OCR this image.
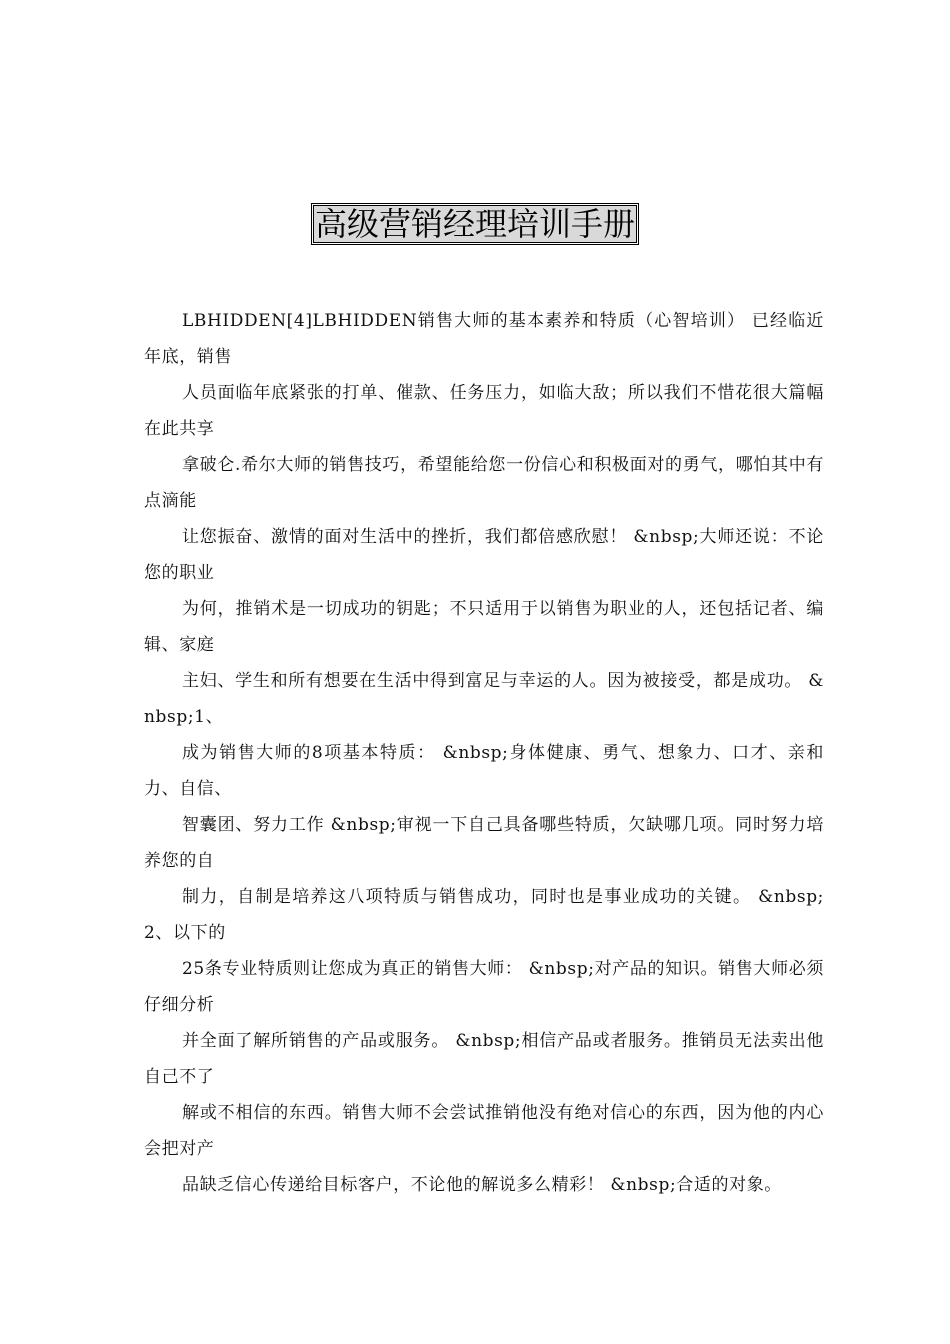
高级营销经理培训手册

LBHIDDEN[4]LBHIDDEN销售大师的基本素养和特质（心智培训） 已经临近年底，销售

人员面临年底紧张的打单、催款、任务压力，如临大敌；所以我们不惜花很大篇幅在此共享

拿破仑.希尔大师的销售技巧，希望能给您一份信心和积极面对的勇气，哪怕其中有点滴能

让您振奋、激情的面对生活中的挫折，我们都倍感欣慰！ &nbsp;大师还说：不论您的职业

为何，推销术是一切成功的钥匙；不只适用于以销售为职业的人，还包括记者、编辑、家庭

主妇、学生和所有想要在生活中得到富足与幸运的人。因为被接受，都是成功。 &nbsp;1、

成为销售大师的8项基本特质： &nbsp;身体健康、勇气、想象力、口才、亲和力、自信、

智囊团、努力工作 &nbsp;审视一下自己具备哪些特质，欠缺哪几项。同时努力培养您的自

制力，自制是培养这八项特质与销售成功，同时也是事业成功的关键。 &nbsp;2、以下的

25条专业特质则让您成为真正的销售大师： &nbsp;对产品的知识。销售大师必须仔细分析

并全面了解所销售的产品或服务。 &nbsp;相信产品或者服务。推销员无法卖出他自己不了

解或不相信的东西。销售大师不会尝试推销他没有绝对信心的东西，因为他的内心会把对产

品缺乏信心传递给目标客户，不论他的解说多么精彩！ &nbsp;合适的对象。
